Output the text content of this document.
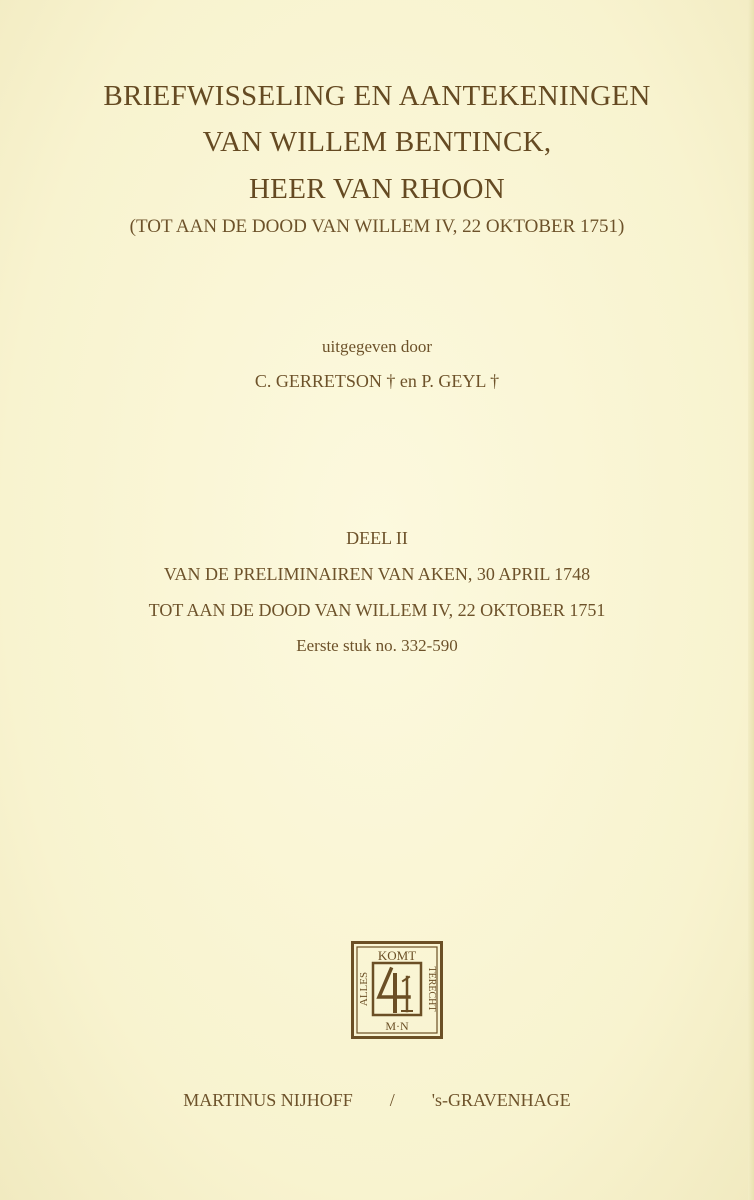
BRIEFWISSELING EN AANTEKENINGEN
VAN WILLEM BENTINCK,
HEER VAN RHOON
(TOT AAN DE DOOD VAN WILLEM IV, 22 OKTOBER 1751)
uitgegeven door
C. GERRETSON † en P. GEYL †
DEEL II
VAN DE PRELIMINAIREN VAN AKEN, 30 APRIL 1748
TOT AAN DE DOOD VAN WILLEM IV, 22 OKTOBER 1751
Eerste stuk no. 332-590
KOMT
M·N
ALLES	TERECHT
MARTINUS NIJHOFF / 's-GRAVENHAGE
